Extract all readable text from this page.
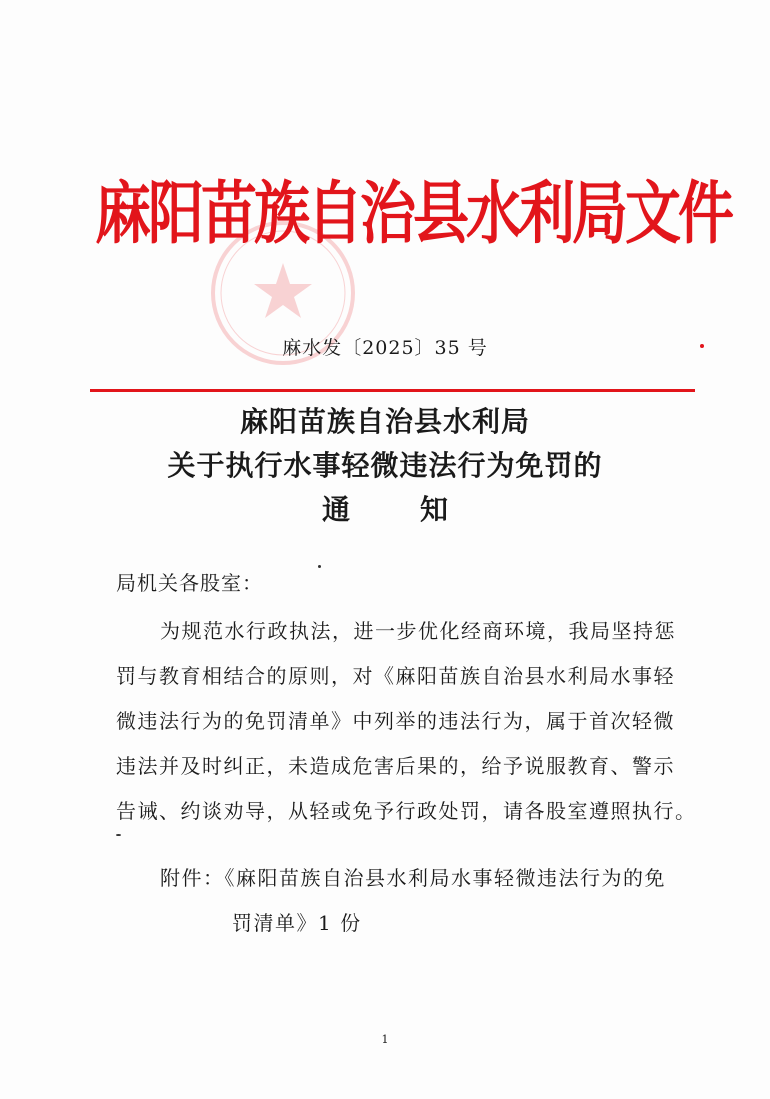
麻阳苗族自治县水利局文件
麻水发〔2025〕35 号
麻阳苗族自治县水利局
关于执行水事轻微违法行为免罚的
通	知
局机关各股室：
为规范水行政执法，进一步优化经商环境，我局坚持惩
罚与教育相结合的原则，对《麻阳苗族自治县水利局水事轻
微违法行为的免罚清单》中列举的违法行为，属于首次轻微
违法并及时纠正，未造成危害后果的，给予说服教育、警示
告诫、约谈劝导，从轻或免予行政处罚，请各股室遵照执行。
附件：《麻阳苗族自治县水利局水事轻微违法行为的免
罚清单》1 份
1
